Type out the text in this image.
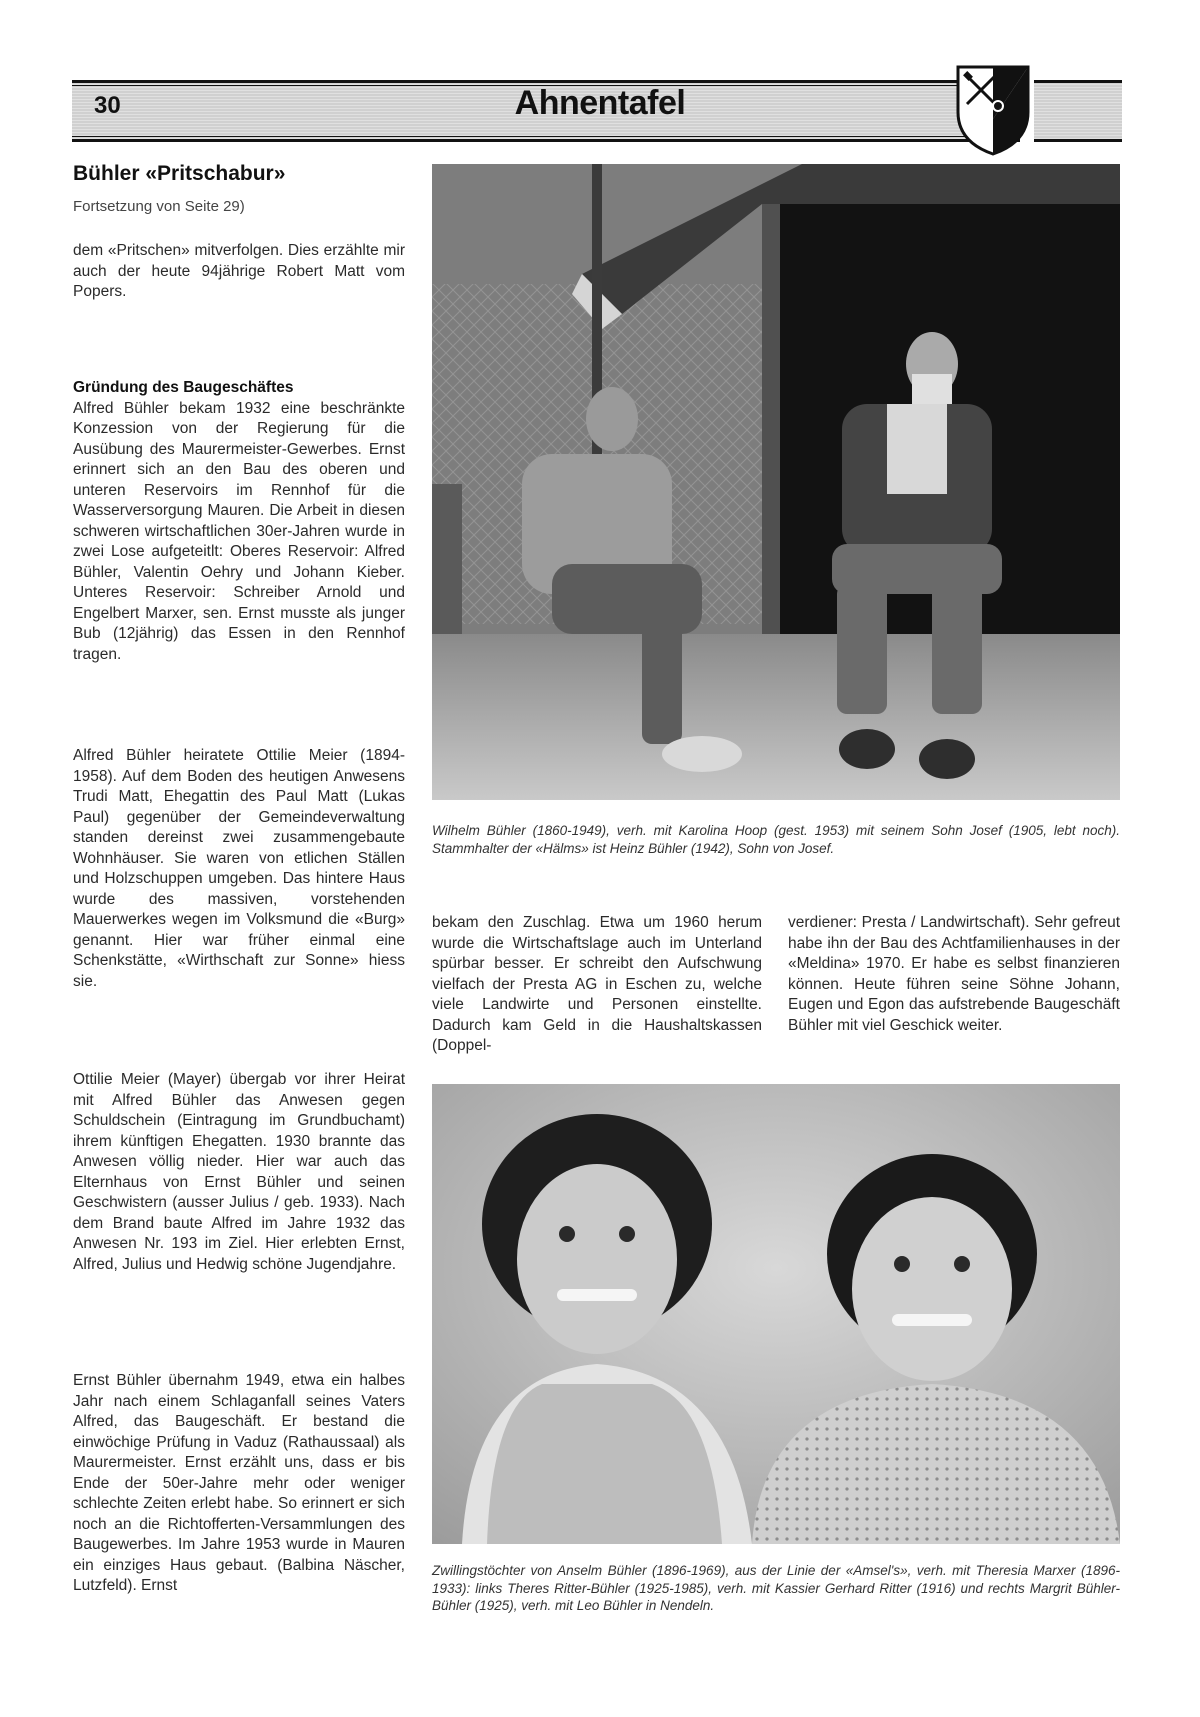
30	Ahnentafel
Bühler «Pritschabur»
Fortsetzung von Seite 29)
dem «Pritschen» mitverfolgen. Dies erzählte mir auch der heute 94jährige Robert Matt vom Popers.
Gründung des Baugeschäftes
Alfred Bühler bekam 1932 eine beschränkte Konzession von der Regierung für die Ausübung des Maurermeister-Gewerbes. Ernst erinnert sich an den Bau des oberen und unteren Reservoirs im Rennhof für die Wasserversorgung Mauren. Die Arbeit in diesen schweren wirtschaftlichen 30er-Jahren wurde in zwei Lose aufgeteitlt: Oberes Reservoir: Alfred Bühler, Valentin Oehry und Johann Kieber. Unteres Reservoir: Schreiber Arnold und Engelbert Marxer, sen. Ernst musste als junger Bub (12jährig) das Essen in den Rennhof tragen.
Alfred Bühler heiratete Ottilie Meier (1894-1958). Auf dem Boden des heutigen Anwesens Trudi Matt, Ehegattin des Paul Matt (Lukas Paul) gegenüber der Gemeindeverwaltung standen dereinst zwei zusammengebaute Wohnhäuser. Sie waren von etlichen Ställen und Holzschuppen umgeben. Das hintere Haus wurde des massiven, vorstehenden Mauerwerkes wegen im Volksmund die «Burg» genannt. Hier war früher einmal eine Schenkstätte, «Wirthschaft zur Sonne» hiess sie.
Ottilie Meier (Mayer) übergab vor ihrer Heirat mit Alfred Bühler das Anwesen gegen Schuldschein (Eintragung im Grundbuchamt) ihrem künftigen Ehegatten. 1930 brannte das Anwesen völlig nieder. Hier war auch das Elternhaus von Ernst Bühler und seinen Geschwistern (ausser Julius / geb. 1933). Nach dem Brand baute Alfred im Jahre 1932 das Anwesen Nr. 193 im Ziel. Hier erlebten Ernst, Alfred, Julius und Hedwig schöne Jugendjahre.
Ernst Bühler übernahm 1949, etwa ein halbes Jahr nach einem Schlaganfall seines Vaters Alfred, das Baugeschäft. Er bestand die einwöchige Prüfung in Vaduz (Rathaussaal) als Maurermeister. Ernst erzählt uns, dass er bis Ende der 50er-Jahre mehr oder weniger schlechte Zeiten erlebt habe. So erinnert er sich noch an die Richtofferten-Versammlungen des Baugewerbes. Im Jahre 1953 wurde in Mauren ein einziges Haus gebaut. (Balbina Näscher, Lutzfeld). Ernst
bekam den Zuschlag. Etwa um 1960 herum wurde die Wirtschaftslage auch im Unterland spürbar besser. Er schreibt den Aufschwung vielfach der Presta AG in Eschen zu, welche viele Landwirte und Personen einstellte. Dadurch kam Geld in die Haushaltskassen (Doppel-
verdiener: Presta / Landwirtschaft). Sehr gefreut habe ihn der Bau des Achtfamilienhauses in der «Meldina» 1970. Er habe es selbst finanzieren können. Heute führen seine Söhne Johann, Eugen und Egon das aufstrebende Baugeschäft Bühler mit viel Geschick weiter.
Wilhelm Bühler (1860-1949), verh. mit Karolina Hoop (gest. 1953) mit seinem Sohn Josef (1905, lebt noch). Stammhalter der «Hälms» ist Heinz Bühler (1942), Sohn von Josef.
Zwillingstöchter von Anselm Bühler (1896-1969), aus der Linie der «Amsel's», verh. mit Theresia Marxer (1896-1933): links Theres Ritter-Bühler (1925-1985), verh. mit Kassier Gerhard Ritter (1916) und rechts Margrit Bühler-Bühler (1925), verh. mit Leo Bühler in Nendeln.
